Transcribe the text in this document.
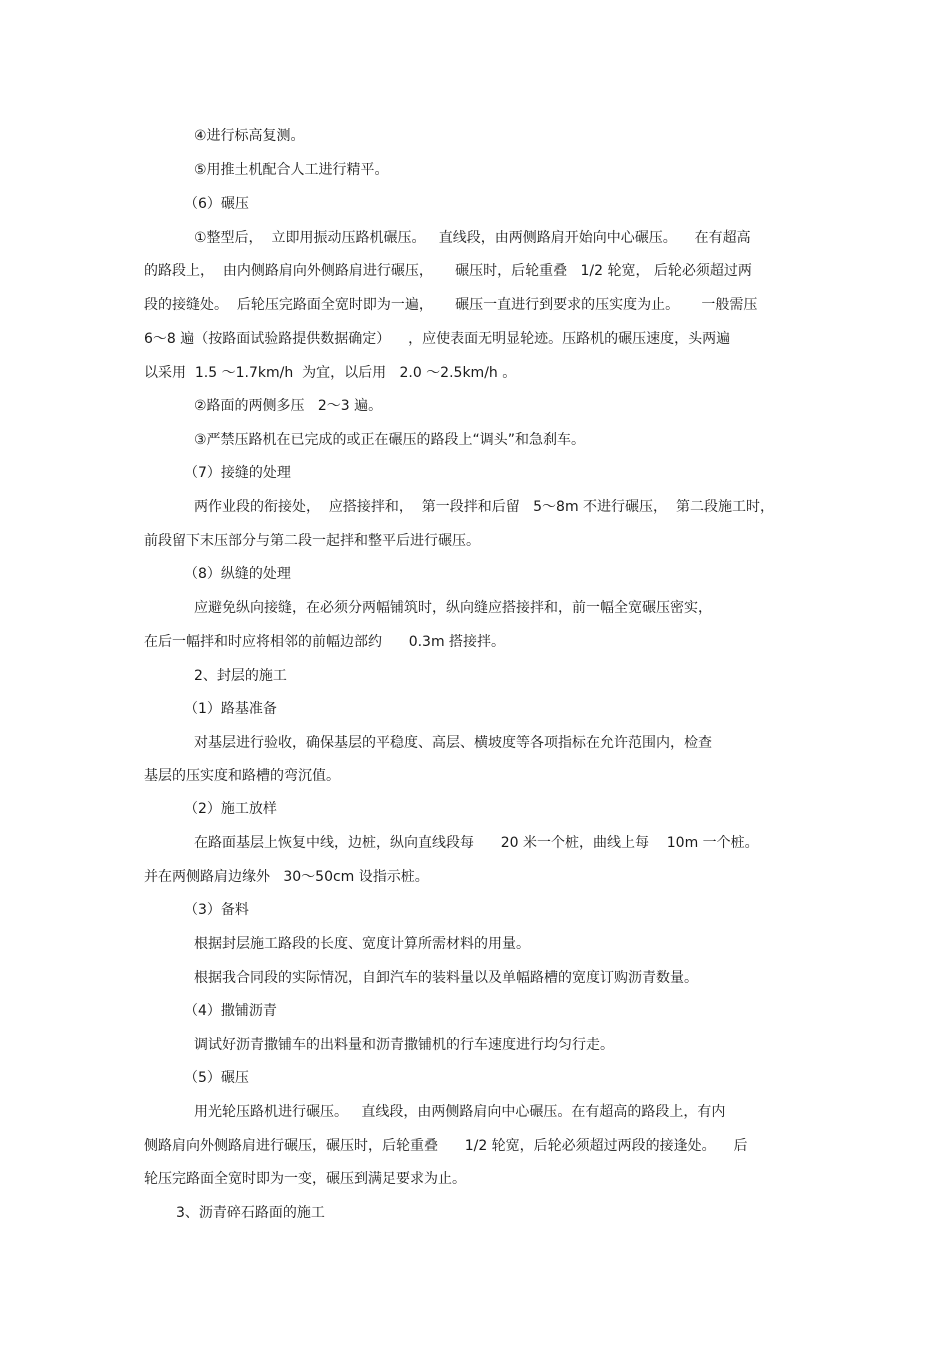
④进行标高复测。
⑤用推土机配合人工进行精平。
（6）碾压
①整型后，  立即用振动压路机碾压。   直线段，由两侧路肩开始向中心碾压。    在有超高
的路段上，  由内侧路肩向外侧路肩进行碾压，     碾压时，后轮重叠   1/2 轮宽， 后轮必须超过两
段的接缝处。  后轮压完路面全宽时即为一遍，     碾压一直进行到要求的压实度为止。     一般需压
6～8 遍（按路面试验路提供数据确定）    ，应使表面无明显轮迹。压路机的碾压速度，头两遍
以采用  1.5 ～1.7km/h  为宜，以后用   2.0 ～2.5km/h 。
②路面的两侧多压   2～3 遍。
③严禁压路机在已完成的或正在碾压的路段上“调头”和急刹车。
（7）接缝的处理
两作业段的衔接处，  应搭接拌和，  第一段拌和后留   5～8m 不进行碾压，  第二段施工时，
前段留下末压部分与第二段一起拌和整平后进行碾压。
（8）纵缝的处理
应避免纵向接缝，在必须分两幅铺筑时，纵向缝应搭接拌和，前一幅全宽碾压密实，
在后一幅拌和时应将相邻的前幅边部约      0.3m 搭接拌。
2、封层的施工
（1）路基准备
对基层进行验收，确保基层的平稳度、高层、横坡度等各项指标在允许范围内，检查
基层的压实度和路槽的弯沉值。
（2）施工放样
在路面基层上恢复中线，边桩，纵向直线段每      20 米一个桩，曲线上每    10m 一个桩。
并在两侧路肩边缘外   30～50cm 设指示桩。
（3）备料
根据封层施工路段的长度、宽度计算所需材料的用量。
根据我合同段的实际情况，自卸汽车的装料量以及单幅路槽的宽度订购沥青数量。
（4）撒铺沥青
调试好沥青撒铺车的出料量和沥青撒铺机的行车速度进行均匀行走。
（5）碾压
用光轮压路机进行碾压。   直线段，由两侧路肩向中心碾压。在有超高的路段上，有内
侧路肩向外侧路肩进行碾压，碾压时，后轮重叠      1/2 轮宽，后轮必须超过两段的接逢处。    后
轮压完路面全宽时即为一变，碾压到满足要求为止。
3、沥青碎石路面的施工
